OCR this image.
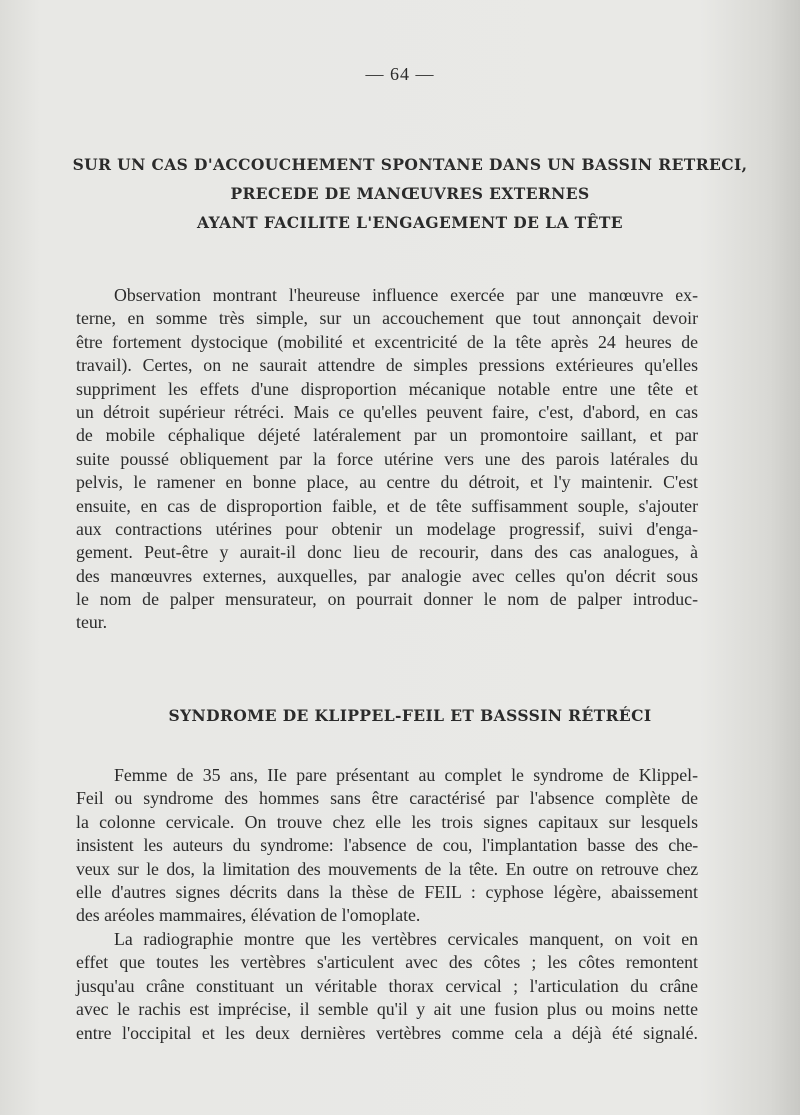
— 64 —
SUR UN CAS D'ACCOUCHEMENT SPONTANE DANS UN BASSIN RETRECI,
PRECEDE DE MANŒUVRES EXTERNES
AYANT FACILITE L'ENGAGEMENT DE LA TÊTE
Observation montrant l'heureuse influence exercée par une manœuvre ex-
terne, en somme très simple, sur un accouchement que tout annonçait devoir
être fortement dystocique (mobilité et excentricité de la tête après 24 heures de
travail). Certes, on ne saurait attendre de simples pressions extérieures qu'elles
suppriment les effets d'une disproportion mécanique notable entre une tête et
un détroit supérieur rétréci. Mais ce qu'elles peuvent faire, c'est, d'abord, en cas
de mobile céphalique déjeté latéralement par un promontoire saillant, et par
suite poussé obliquement par la force utérine vers une des parois latérales du
pelvis, le ramener en bonne place, au centre du détroit, et l'y maintenir. C'est
ensuite, en cas de disproportion faible, et de tête suffisamment souple, s'ajouter
aux contractions utérines pour obtenir un modelage progressif, suivi d'enga-
gement. Peut-être y aurait-il donc lieu de recourir, dans des cas analogues, à
des manœuvres externes, auxquelles, par analogie avec celles qu'on décrit sous
le nom de palper mensurateur, on pourrait donner le nom de palper introduc-
teur.
SYNDROME DE KLIPPEL-FEIL ET BASSSIN RÉTRÉCI
Femme de 35 ans, IIe pare présentant au complet le syndrome de Klippel-
Feil ou syndrome des hommes sans être caractérisé par l'absence complète de
la colonne cervicale. On trouve chez elle les trois signes capitaux sur lesquels
insistent les auteurs du syndrome: l'absence de cou, l'implantation basse des che-
veux sur le dos, la limitation des mouvements de la tête. En outre on retrouve chez
elle d'autres signes décrits dans la thèse de FEIL : cyphose légère, abaissement
des aréoles mammaires, élévation de l'omoplate.
La radiographie montre que les vertèbres cervicales manquent, on voit en
effet que toutes les vertèbres s'articulent avec des côtes ; les côtes remontent
jusqu'au crâne constituant un véritable thorax cervical ; l'articulation du crâne
avec le rachis est imprécise, il semble qu'il y ait une fusion plus ou moins nette
entre l'occipital et les deux dernières vertèbres comme cela a déjà été signalé.
